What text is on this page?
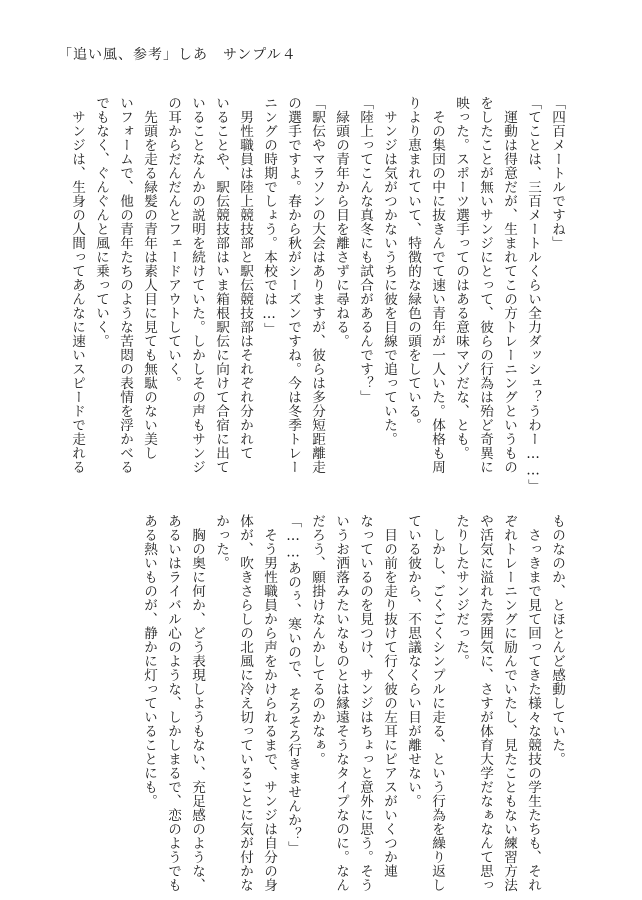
「追い風、参考」しあ　サンプル４
「四百メートルですね」
「てことは、三百メートルくらい全力ダッシュ？うわー……」
　運動は得意だが、生まれてこの方トレーニングというもの
をしたことが無いサンジにとって、彼らの行為は殆ど奇異に
映った。スポーツ選手ってのはある意味マゾだな、とも。
　その集団の中に抜きんでて速い青年が一人いた。体格も周
りより恵まれていて、特徴的な緑色の頭をしている。
　サンジは気がつかないうちに彼を目線で追っていた。
「陸上ってこんな真冬にも試合があるんです？」
　緑頭の青年から目を離さずに尋ねる。
「駅伝やマラソンの大会はありますが、彼らは多分短距離走
の選手ですよ。春から秋がシーズンですね。今は冬季トレー
ニングの時期でしょう。本校では…」
　男性職員は陸上競技部と駅伝競技部はそれぞれ分かれて
いることや、駅伝競技部はいま箱根駅伝に向けて合宿に出て
いることなんかの説明を続けていた。しかしその声もサンジ
の耳からだんだんとフェードアウトしていく。
　先頭を走る緑髪の青年は素人目に見ても無駄のない美し
いフォームで、他の青年たちのような苦悶の表情を浮かべる
でもなく、ぐんぐんと風に乗っていく。
　サンジは、生身の人間ってあんなに速いスピードで走れる
ものなのか、とほとんど感動していた。
　さっきまで見て回ってきた様々な競技の学生たちも、それ
ぞれトレーニングに励んでいたし、見たこともない練習方法
や活気に溢れた雰囲気に、さすが体育大学だなぁなんて思っ
たりしたサンジだった。
　しかし、ごくごくシンプルに走る、という行為を繰り返し
ている彼から、不思議なくらい目が離せない。
　目の前を走り抜けて行く彼の左耳にピアスがいくつか連
なっているのを見つけ、サンジはちょっと意外に思う。そう
いうお洒落みたいなものとは縁遠そうなタイプなのに。なん
だろう、願掛けなんかしてるのかなぁ。
「……あのぅ、寒いので、そろそろ行きませんか？」
　そう男性職員から声をかけられるまで、サンジは自分の身
体が、吹きさらしの北風に冷え切っていることに気が付かな
かった。
　胸の奥に何か、どう表現しようもない、充足感のような、
あるいはライバル心のような、しかしまるで、恋のようでも
ある熱いものが、静かに灯っていることにも。
